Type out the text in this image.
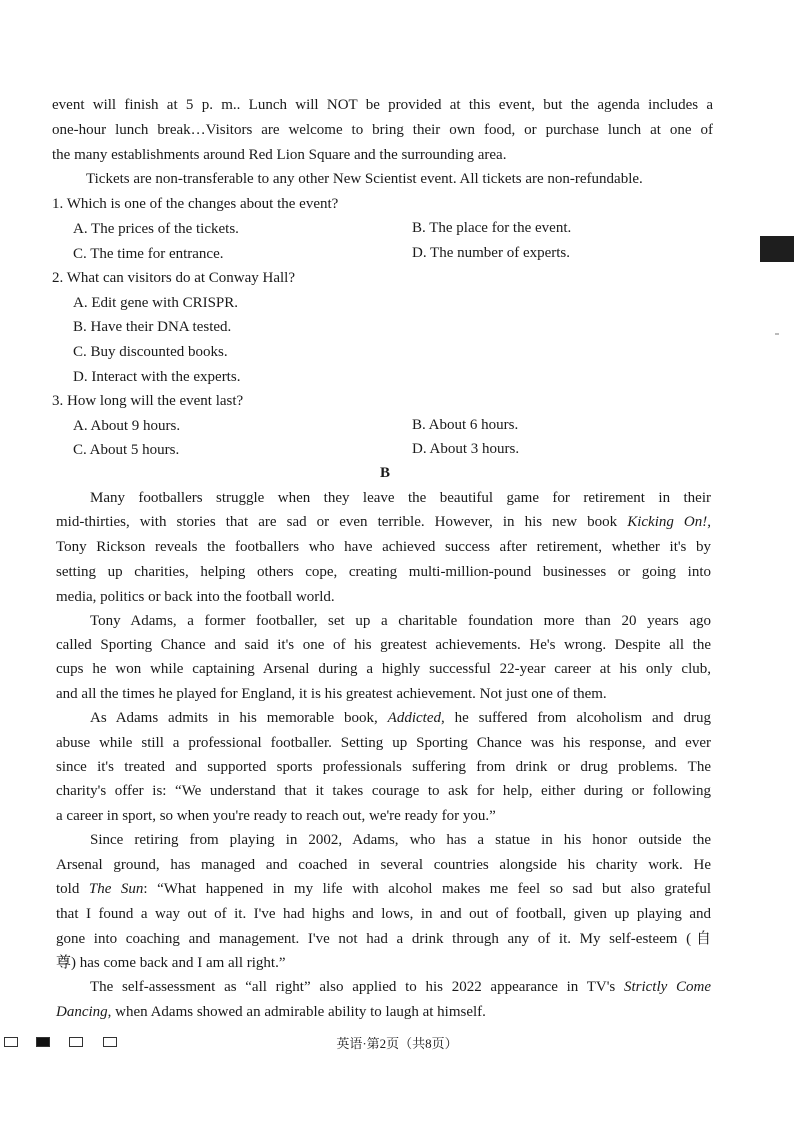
event will finish at 5 p. m.. Lunch will NOT be provided at this event, but the agenda includes a
one-hour lunch break…Visitors are welcome to bring their own food, or purchase lunch at one of
the many establishments around Red Lion Square and the surrounding area.
Tickets are non-transferable to any other New Scientist event. All tickets are non-refundable.
1. Which is one of the changes about the event?
A. The prices of the tickets.	B. The place for the event.
C. The time for entrance.	D. The number of experts.
2. What can visitors do at Conway Hall?
A. Edit gene with CRISPR.
B. Have their DNA tested.
C. Buy discounted books.
D. Interact with the experts.
3. How long will the event last?
A. About 9 hours.	B. About 6 hours.
C. About 5 hours.	D. About 3 hours.
B
Many footballers struggle when they leave the beautiful game for retirement in their
mid-thirties, with stories that are sad or even terrible. However, in his new book Kicking On!,
Tony Rickson reveals the footballers who have achieved success after retirement, whether it's by
setting up charities, helping others cope, creating multi-million-pound businesses or going into
media, politics or back into the football world.
Tony Adams, a former footballer, set up a charitable foundation more than 20 years ago
called Sporting Chance and said it's one of his greatest achievements. He's wrong. Despite all the
cups he won while captaining Arsenal during a highly successful 22-year career at his only club,
and all the times he played for England, it is his greatest achievement. Not just one of them.
As Adams admits in his memorable book, Addicted, he suffered from alcoholism and drug
abuse while still a professional footballer. Setting up Sporting Chance was his response, and ever
since it's treated and supported sports professionals suffering from drink or drug problems. The
charity's offer is: “We understand that it takes courage to ask for help, either during or following
a career in sport, so when you're ready to reach out, we're ready for you.”
Since retiring from playing in 2002, Adams, who has a statue in his honor outside the
Arsenal ground, has managed and coached in several countries alongside his charity work. He
told The Sun: “What happened in my life with alcohol makes me feel so sad but also grateful
that I found a way out of it. I've had highs and lows, in and out of football, given up playing and
gone into coaching and management. I've not had a drink through any of it. My self-esteem (自
尊) has come back and I am all right.”
The self-assessment as “all right” also applied to his 2022 appearance in TV's Strictly Come
Dancing, when Adams showed an admirable ability to laugh at himself.
英语·第2页（共8页）
